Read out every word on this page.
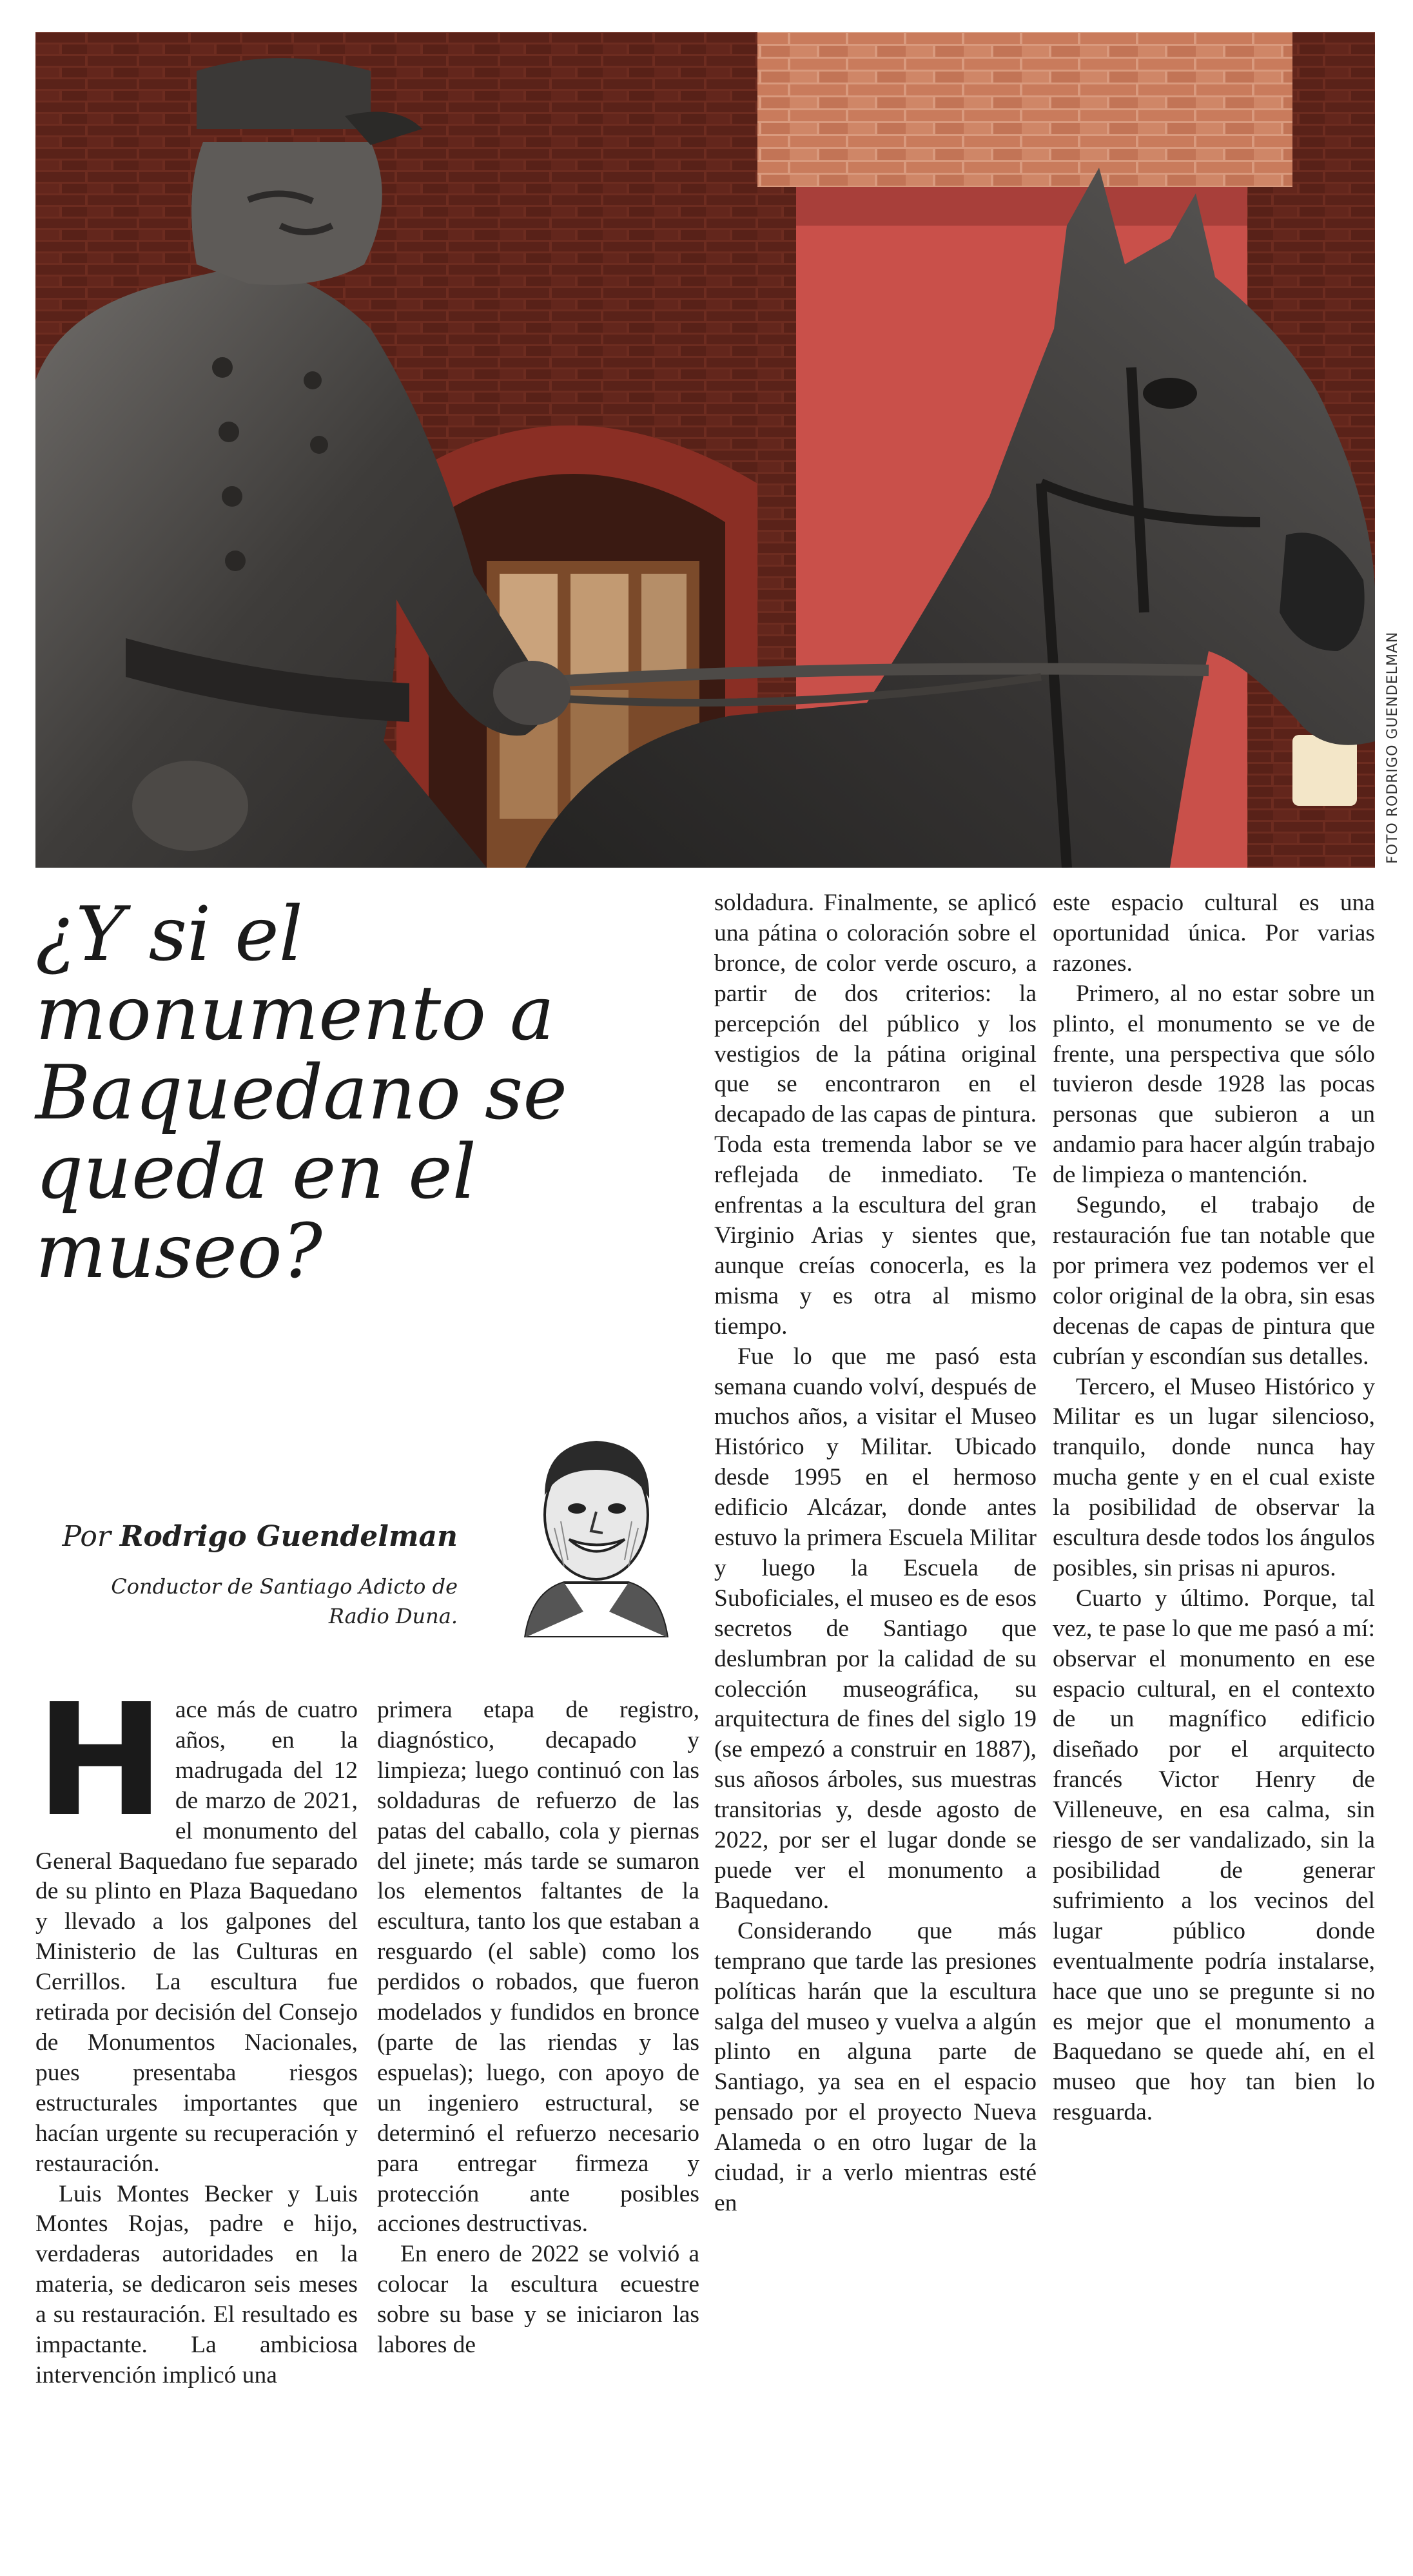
FOTO RODRIGO GUENDELMAN
¿Y si el monumento a Baquedano se queda en el museo?
Por Rodrigo Guendelman
Conductor de Santiago Adicto de Radio Duna.

Hace más de cuatro años, en la madrugada del 12 de marzo de 2021, el monumento del General Baquedano fue separado de su plinto en Plaza Baquedano y llevado a los galpones del Ministerio de las Culturas en Cerrillos. La escultura fue retirada por decisión del Consejo de Monumentos Nacionales, pues presentaba riesgos estructurales importantes que hacían urgente su recuperación y restauración.

Luis Montes Becker y Luis Montes Rojas, padre e hijo, verdaderas autoridades en la materia, se dedicaron seis meses a su restauración. El resultado es impactante. La ambiciosa intervención implicó una

primera etapa de registro, diagnóstico, decapado y limpieza; luego continuó con las soldaduras de refuerzo de las patas del caballo, cola y piernas del jinete; más tarde se sumaron los elementos faltantes de la escultura, tanto los que estaban a resguardo (el sable) como los perdidos o robados, que fueron modelados y fundidos en bronce (parte de las riendas y las espuelas); luego, con apoyo de un ingeniero estructural, se determinó el refuerzo necesario para entregar firmeza y protección ante posibles acciones destructivas.

En enero de 2022 se volvió a colocar la escultura ecuestre sobre su base y se iniciaron las labores de

soldadura. Finalmente, se aplicó una pátina o coloración sobre el bronce, de color verde oscuro, a partir de dos criterios: la percepción del público y los vestigios de la pátina original que se encontraron en el decapado de las capas de pintura. Toda esta tremenda labor se ve reflejada de inmediato. Te enfrentas a la escultura del gran Virginio Arias y sientes que, aunque creías conocerla, es la misma y es otra al mismo tiempo.

Fue lo que me pasó esta semana cuando volví, después de muchos años, a visitar el Museo Histórico y Militar. Ubicado desde 1995 en el hermoso edificio Alcázar, donde antes estuvo la primera Escuela Militar y luego la Escuela de Suboficiales, el museo es de esos secretos de Santiago que deslumbran por la calidad de su colección museográfica, su arquitectura de fines del siglo 19 (se empezó a construir en 1887), sus añosos árboles, sus muestras transitorias y, desde agosto de 2022, por ser el lugar donde se puede ver el monumento a Baquedano.

Considerando que más temprano que tarde las presiones políticas harán que la escultura salga del museo y vuelva a algún plinto en alguna parte de Santiago, ya sea en el espacio pensado por el proyecto Nueva Alameda o en otro lugar de la ciudad, ir a verlo mientras esté en

este espacio cultural es una oportunidad única. Por varias razones.

Primero, al no estar sobre un plinto, el monumento se ve de frente, una perspectiva que sólo tuvieron desde 1928 las pocas personas que subieron a un andamio para hacer algún trabajo de limpieza o mantención.

Segundo, el trabajo de restauración fue tan notable que por primera vez podemos ver el color original de la obra, sin esas decenas de capas de pintura que cubrían y escondían sus detalles.

Tercero, el Museo Histórico y Militar es un lugar silencioso, tranquilo, donde nunca hay mucha gente y en el cual existe la posibilidad de observar la escultura desde todos los ángulos posibles, sin prisas ni apuros.

Cuarto y último. Porque, tal vez, te pase lo que me pasó a mí: observar el monumento en ese espacio cultural, en el contexto de un magnífico edificio diseñado por el arquitecto francés Victor Henry de Villeneuve, en esa calma, sin riesgo de ser vandalizado, sin la posibilidad de generar sufrimiento a los vecinos del lugar público donde eventualmente podría instalarse, hace que uno se pregunte si no es mejor que el monumento a Baquedano se quede ahí, en el museo que hoy tan bien lo resguarda.
